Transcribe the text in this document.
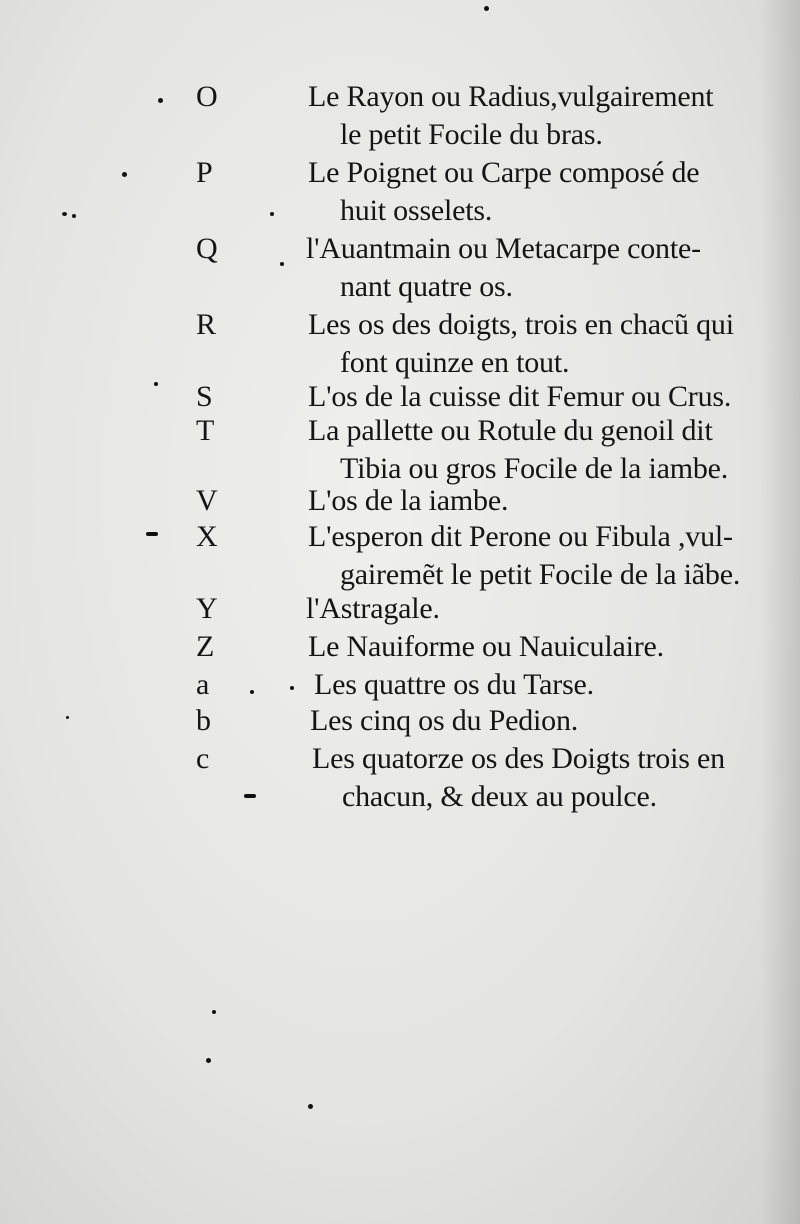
O	Le Rayon ou Radius,vulgairement
le petit Focile du bras.
P	Le Poignet ou Carpe composé de
huit osselets.
Q	l'Auantmain ou Metacarpe conte-
nant quatre os.
R	Les os des doigts, trois en chacũ qui
font quinze en tout.
S	L'os de la cuisse dit Femur ou Crus.
T	La pallette ou Rotule du genoil dit
Tibia ou gros Focile de la iambe.
V	L'os de la iambe.
X	L'esperon dit Perone ou Fibula ,vul-
gairemẽt le petit Focile de la iãbe.
Y	l'Astragale.
Z	Le Nauiforme ou Nauiculaire.
a	Les quattre os du Tarse.
b	Les cinq os du Pedion.
c	Les quatorze os des Doigts trois en
chacun, & deux au poulce.
